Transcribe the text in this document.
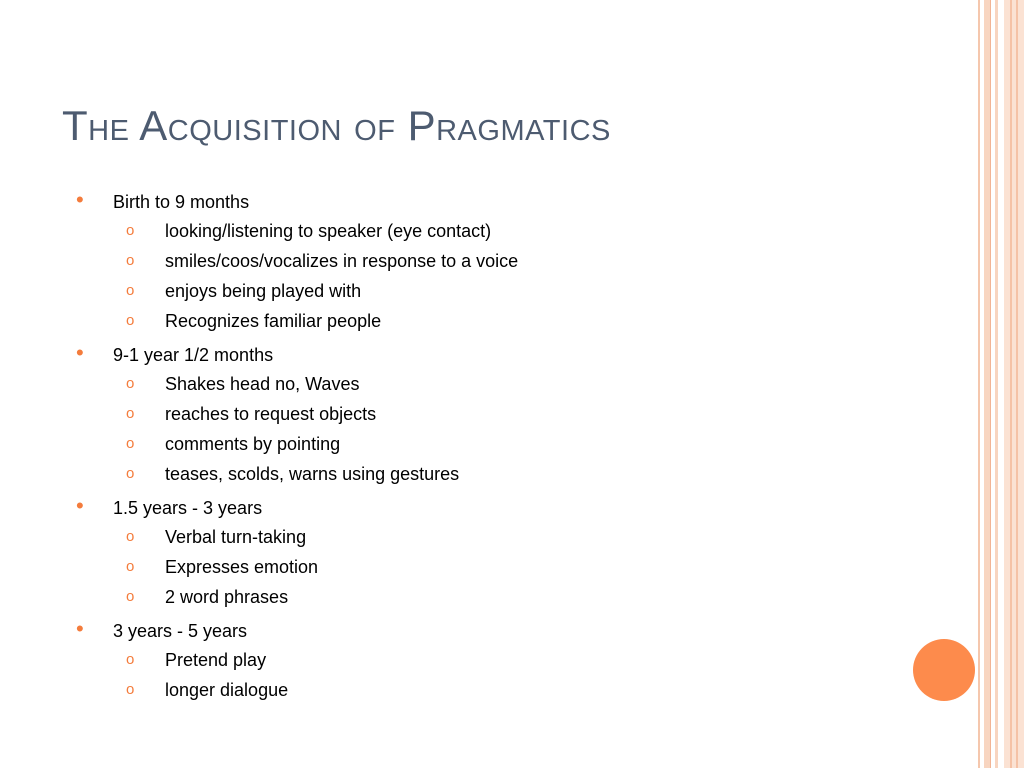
The Acquisition of Pragmatics
• Birth to 9 months
o looking/listening to speaker (eye contact)
o smiles/coos/vocalizes in response to a voice
o enjoys being played with
o Recognizes familiar people
• 9-1 year 1/2 months
o Shakes head no, Waves
o reaches to request objects
o comments by pointing
o teases, scolds, warns using gestures
• 1.5 years - 3 years
o Verbal turn-taking
o Expresses emotion
o 2 word phrases
• 3 years - 5 years
o Pretend play
o longer dialogue
